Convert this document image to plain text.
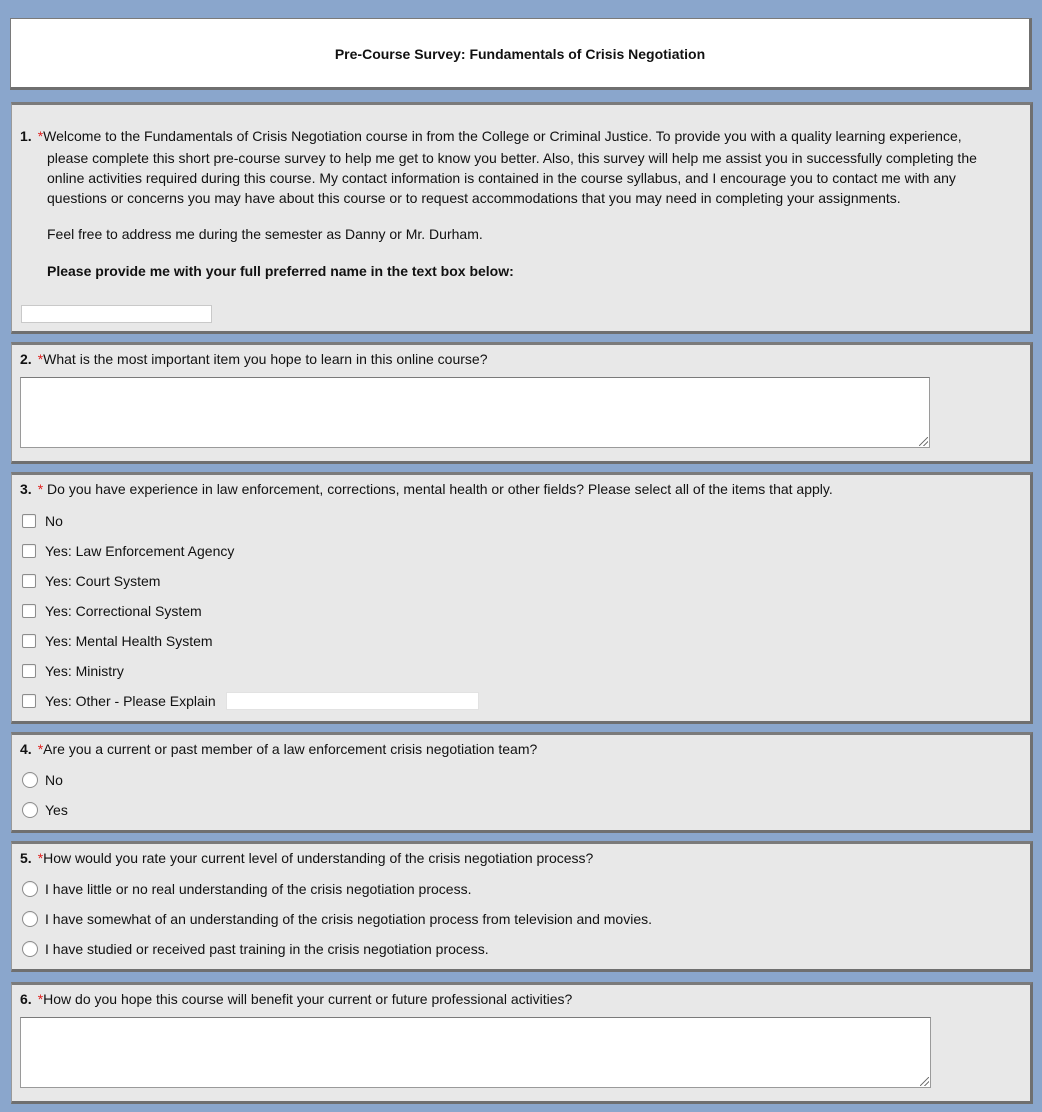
Pre-Course Survey: Fundamentals of Crisis Negotiation
1. *Welcome to the Fundamentals of Crisis Negotiation course in from the College or Criminal Justice. To provide you with a quality learning experience,
please complete this short pre-course survey to help me get to know you better. Also, this survey will help me assist you in successfully completing the
online activities required during this course. My contact information is contained in the course syllabus, and I encourage you to contact me with any
questions or concerns you may have about this course or to request accommodations that you may need in completing your assignments.
Feel free to address me during the semester as Danny or Mr. Durham.
Please provide me with your full preferred name in the text box below:
2. *What is the most important item you hope to learn in this online course?
3. * Do you have experience in law enforcement, corrections, mental health or other fields? Please select all of the items that apply.
No
Yes: Law Enforcement Agency
Yes: Court System
Yes: Correctional System
Yes: Mental Health System
Yes: Ministry
Yes: Other - Please Explain
4. *Are you a current or past member of a law enforcement crisis negotiation team?
No
Yes
5. *How would you rate your current level of understanding of the crisis negotiation process?
I have little or no real understanding of the crisis negotiation process.
I have somewhat of an understanding of the crisis negotiation process from television and movies.
I have studied or received past training in the crisis negotiation process.
6. *How do you hope this course will benefit your current or future professional activities?
